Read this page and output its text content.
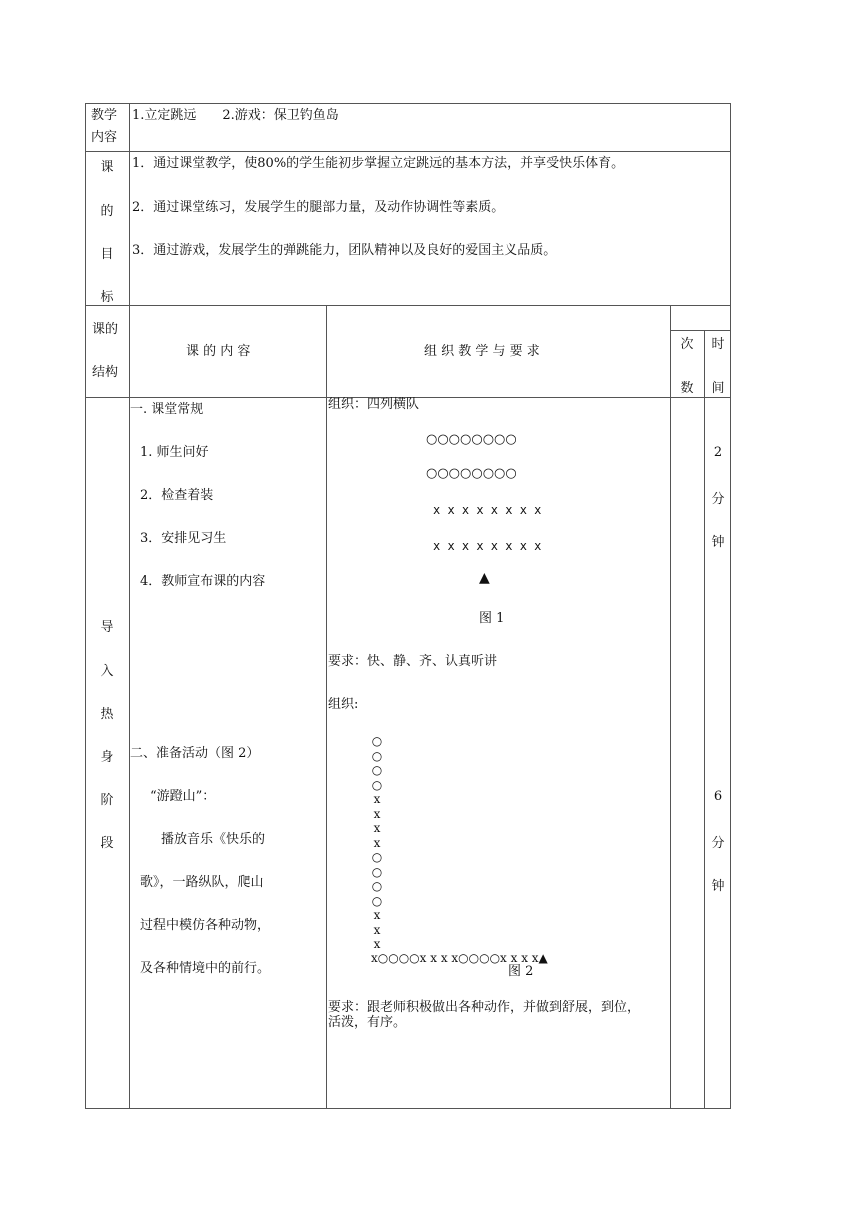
教学
内容
1.立定跳远　　2.游戏：保卫钓鱼岛
课
的
目
标
1．通过课堂教学，使80%的学生能初步掌握立定跳远的基本方法，并享受快乐体育。
2．通过课堂练习，发展学生的腿部力量，及动作协调性等素质。
3．通过游戏，发展学生的弹跳能力，团队精神以及良好的爱国主义品质。
课的
结构
课 的 内 容	组 织 教 学 与 要 求	次
数
时
间
导
入
热
身
阶
段
一. 课堂常规
1. 师生问好
2．检查着装
3．安排见习生
4．教师宣布课的内容
二、准备活动（图 2）
“游蹬山”：
播放音乐《快乐的
歌》，一路纵队，爬山
过程中模仿各种动物，
及各种情境中的前行。
组织：四列横队
○○○○○○○○
○○○○○○○○
x x x x x x x x
x x x x x x x x
▲
图 1
要求：快、静、齐、认真听讲
组织:
○
○
○
○
x
x
x
x
○
○
○
○
x
x
x
x○○○○x x x x○○○○x x x x▲
图 2
要求：跟老师积极做出各种动作，并做到舒展，到位，
活泼，有序。
2
分
钟
6
分
钟
